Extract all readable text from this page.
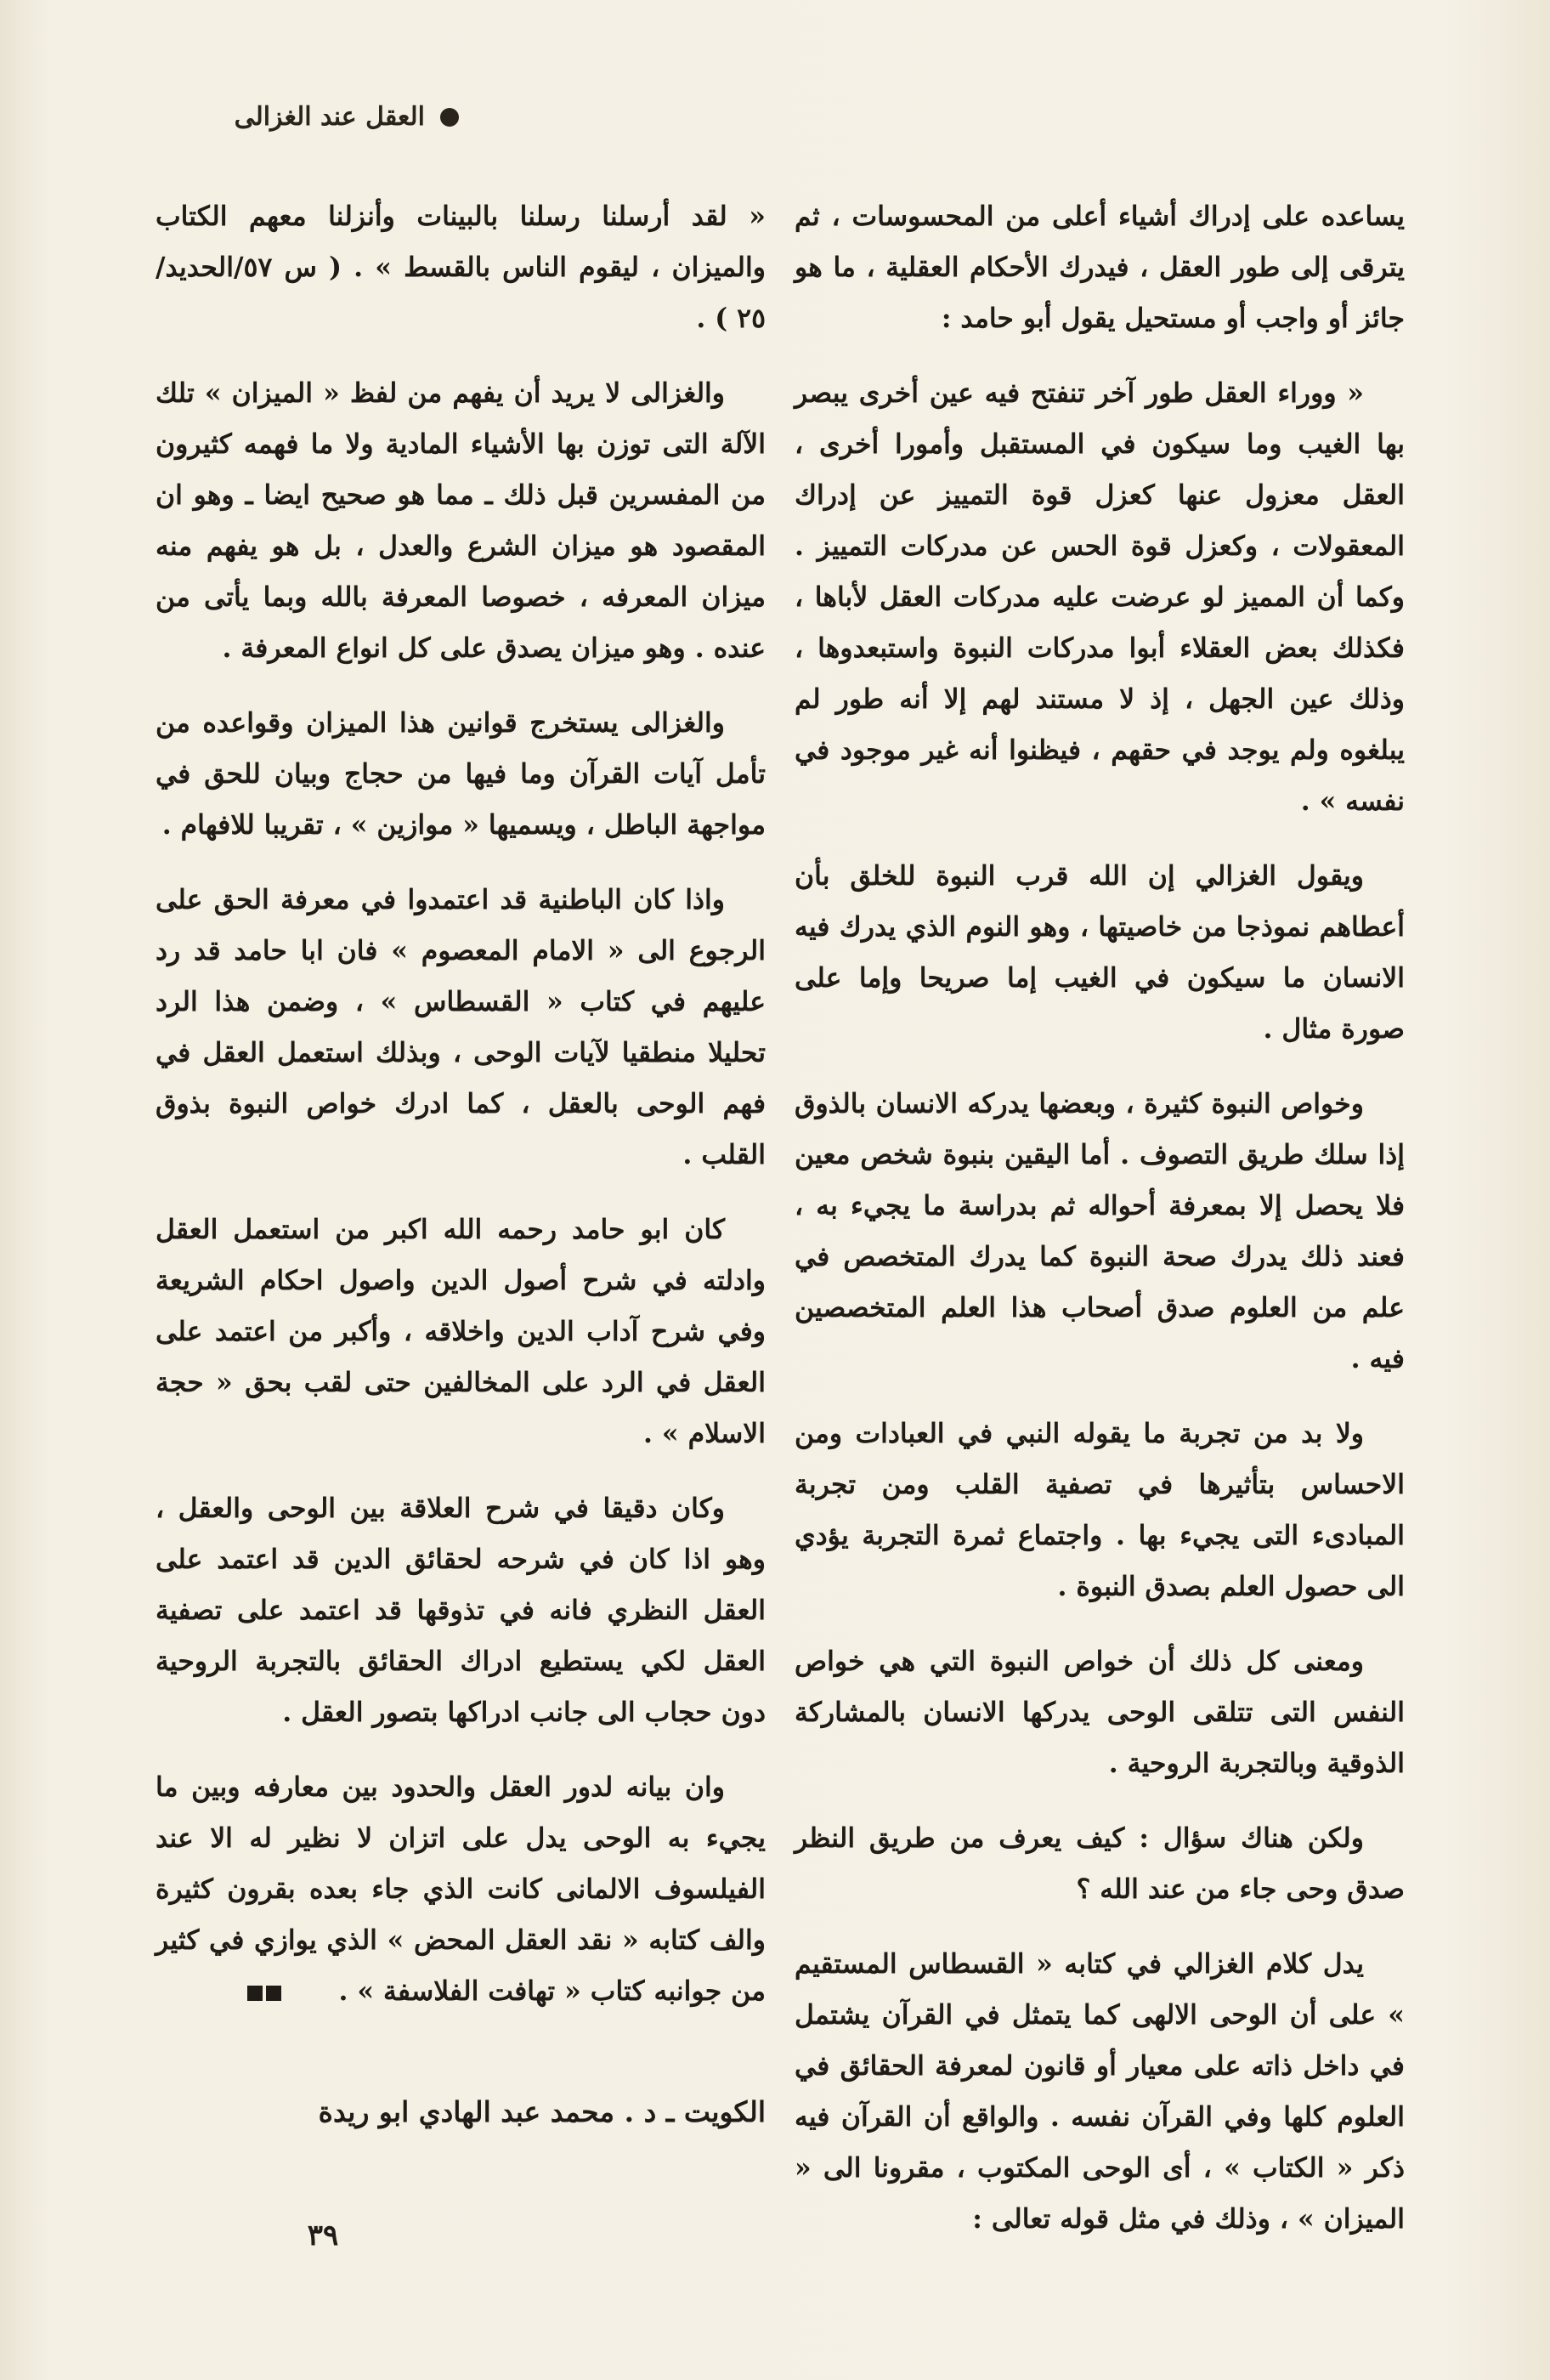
العقل عند الغزالى

يساعده على إدراك أشياء أعلى من المحسوسات ، ثم يترقى إلى طور العقل ، فيدرك الأحكام العقلية ، ما هو جائز أو واجب أو مستحيل يقول أبو حامد :

« ووراء العقل طور آخر تنفتح فيه عين أخرى يبصر بها الغيب وما سيكون في المستقبل وأمورا أخرى ، العقل معزول عنها كعزل قوة التمييز عن إدراك المعقولات ، وكعزل قوة الحس عن مدركات التمييز . وكما أن المميز لو عرضت عليه مدركات العقل لأباها ، فكذلك بعض العقلاء أبوا مدركات النبوة واستبعدوها ، وذلك عين الجهل ، إذ لا مستند لهم إلا أنه طور لم يبلغوه ولم يوجد في حقهم ، فيظنوا أنه غير موجود في نفسه » .

ويقول الغزالي إن الله قرب النبوة للخلق بأن أعطاهم نموذجا من خاصيتها ، وهو النوم الذي يدرك فيه الانسان ما سيكون في الغيب إما صريحا وإما على صورة مثال .

وخواص النبوة كثيرة ، وبعضها يدركه الانسان بالذوق إذا سلك طريق التصوف . أما اليقين بنبوة شخص معين فلا يحصل إلا بمعرفة أحواله ثم بدراسة ما يجيء به ، فعند ذلك يدرك صحة النبوة كما يدرك المتخصص في علم من العلوم صدق أصحاب هذا العلم المتخصصين فيه .

ولا بد من تجربة ما يقوله النبي في العبادات ومن الاحساس بتأثيرها في تصفية القلب ومن تجربة المبادىء التى يجيء بها . واجتماع ثمرة التجربة يؤدي الى حصول العلم بصدق النبوة .

ومعنى كل ذلك أن خواص النبوة التي هي خواص النفس التى تتلقى الوحى يدركها الانسان بالمشاركة الذوقية وبالتجربة الروحية .

ولكن هناك سؤال : كيف يعرف من طريق النظر صدق وحى جاء من عند الله ؟

يدل كلام الغزالي في كتابه « القسطاس المستقيم » على أن الوحى الالهى كما يتمثل في القرآن يشتمل في داخل ذاته على معيار أو قانون لمعرفة الحقائق في العلوم كلها وفي القرآن نفسه . والواقع أن القرآن فيه ذكر « الكتاب » ، أى الوحى المكتوب ، مقرونا الى « الميزان » ، وذلك في مثل قوله تعالى :

« لقد أرسلنا رسلنا بالبينات وأنزلنا معهم الكتاب والميزان ، ليقوم الناس بالقسط » . ( س ٥٧/الحديد/ ٢٥ ) .

والغزالى لا يريد أن يفهم من لفظ « الميزان » تلك الآلة التى توزن بها الأشياء المادية ولا ما فهمه كثيرون من المفسرين قبل ذلك ـ مما هو صحيح ايضا ـ وهو ان المقصود هو ميزان الشرع والعدل ، بل هو يفهم منه ميزان المعرفه ، خصوصا المعرفة بالله وبما يأتى من عنده . وهو ميزان يصدق على كل انواع المعرفة .

والغزالى يستخرج قوانين هذا الميزان وقواعده من تأمل آيات القرآن وما فيها من حجاج وبيان للحق في مواجهة الباطل ، ويسميها « موازين » ، تقريبا للافهام .

واذا كان الباطنية قد اعتمدوا في معرفة الحق على الرجوع الى « الامام المعصوم » فان ابا حامد قد رد عليهم في كتاب « القسطاس » ، وضمن هذا الرد تحليلا منطقيا لآيات الوحى ، وبذلك استعمل العقل في فهم الوحى بالعقل ، كما ادرك خواص النبوة بذوق القلب .

كان ابو حامد رحمه الله اكبر من استعمل العقل وادلته في شرح أصول الدين واصول احكام الشريعة وفي شرح آداب الدين واخلاقه ، وأكبر من اعتمد على العقل في الرد على المخالفين حتى لقب بحق « حجة الاسلام » .

وكان دقيقا في شرح العلاقة بين الوحى والعقل ، وهو اذا كان في شرحه لحقائق الدين قد اعتمد على العقل النظري فانه في تذوقها قد اعتمد على تصفية العقل لكي يستطيع ادراك الحقائق بالتجربة الروحية دون حجاب الى جانب ادراكها بتصور العقل .

وان بيانه لدور العقل والحدود بين معارفه وبين ما يجيء به الوحى يدل على اتزان لا نظير له الا عند الفيلسوف الالمانى كانت الذي جاء بعده بقرون كثيرة والف كتابه « نقد العقل المحض » الذي يوازي في كثير من جوانبه كتاب « تهافت الفلاسفة » .

الكويت ـ د . محمد عبد الهادي ابو ريدة
٣٩
